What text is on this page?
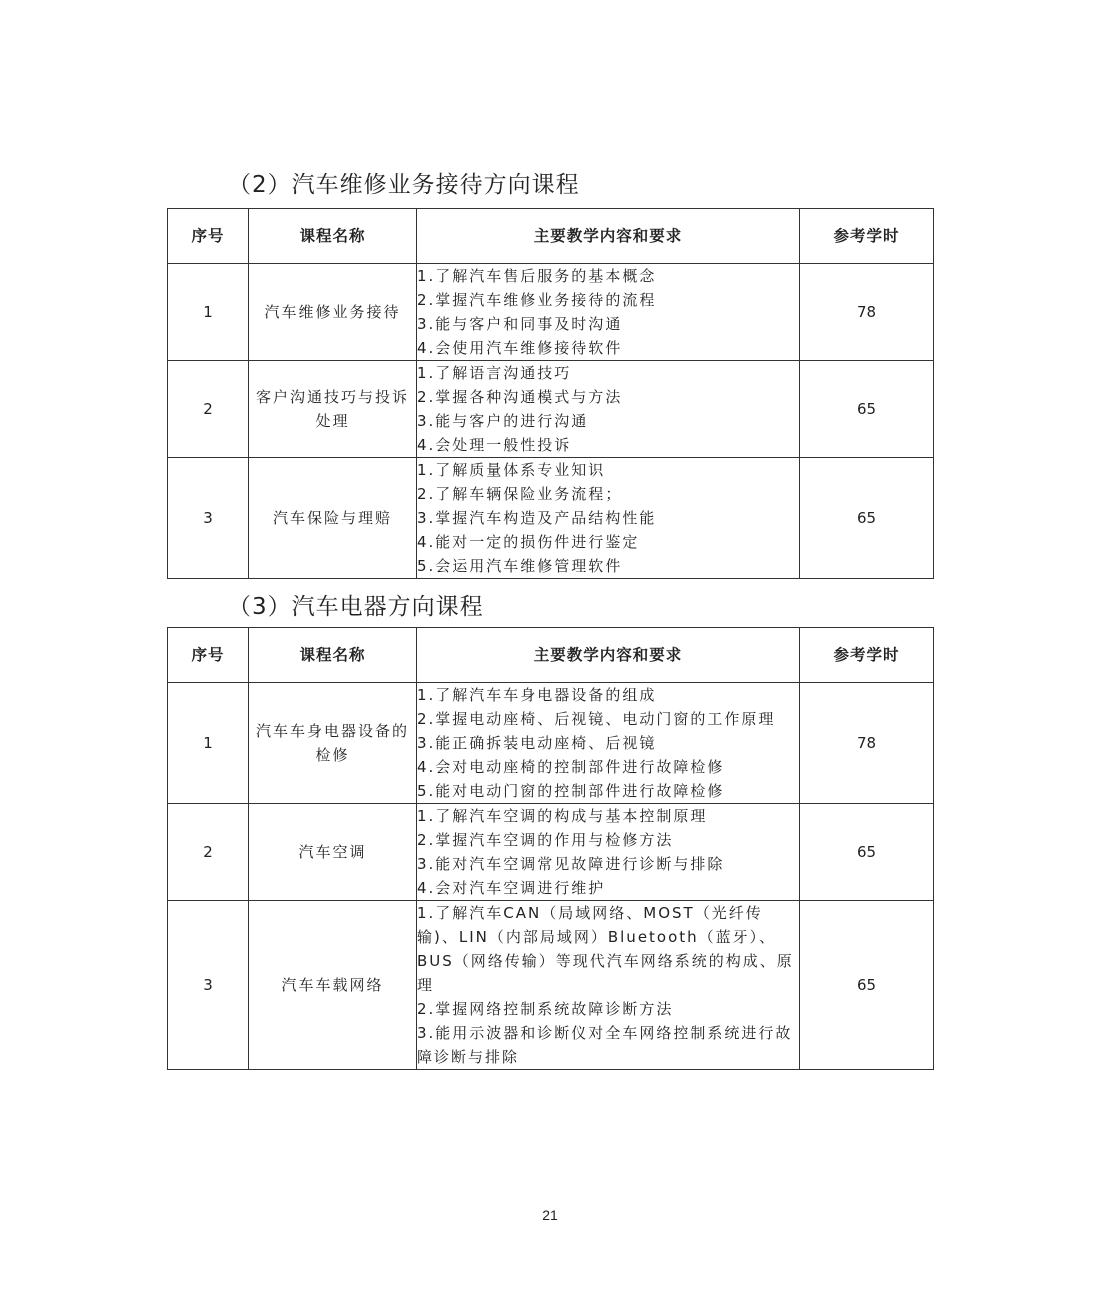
（2）汽车维修业务接待方向课程
序号	课程名称	主要教学内容和要求	参考学时
1	汽车维修业务接待	1.了解汽车售后服务的基本概念
2.掌握汽车维修业务接待的流程
3.能与客户和同事及时沟通
4.会使用汽车维修接待软件	78
2	客户沟通技巧与投诉处理	1.了解语言沟通技巧
2.掌握各种沟通模式与方法
3.能与客户的进行沟通
4.会处理一般性投诉	65
3	汽车保险与理赔	1.了解质量体系专业知识
2.了解车辆保险业务流程；
3.掌握汽车构造及产品结构性能
4.能对一定的损伤件进行鉴定
5.会运用汽车维修管理软件	65
（3）汽车电器方向课程
序号	课程名称	主要教学内容和要求	参考学时
1	汽车车身电器设备的检修	1.了解汽车车身电器设备的组成
2.掌握电动座椅、后视镜、电动门窗的工作原理
3.能正确拆装电动座椅、后视镜
4.会对电动座椅的控制部件进行故障检修
5.能对电动门窗的控制部件进行故障检修	78
2	汽车空调	1.了解汽车空调的构成与基本控制原理
2.掌握汽车空调的作用与检修方法
3.能对汽车空调常见故障进行诊断与排除
4.会对汽车空调进行维护	65
3	汽车车载网络	1.了解汽车CAN（局域网络、MOST（光纤传输)、LIN（内部局域网）Bluetooth（蓝牙）、BUS（网络传输）等现代汽车网络系统的构成、原理
2.掌握网络控制系统故障诊断方法
3.能用示波器和诊断仪对全车网络控制系统进行故障诊断与排除	65
21
